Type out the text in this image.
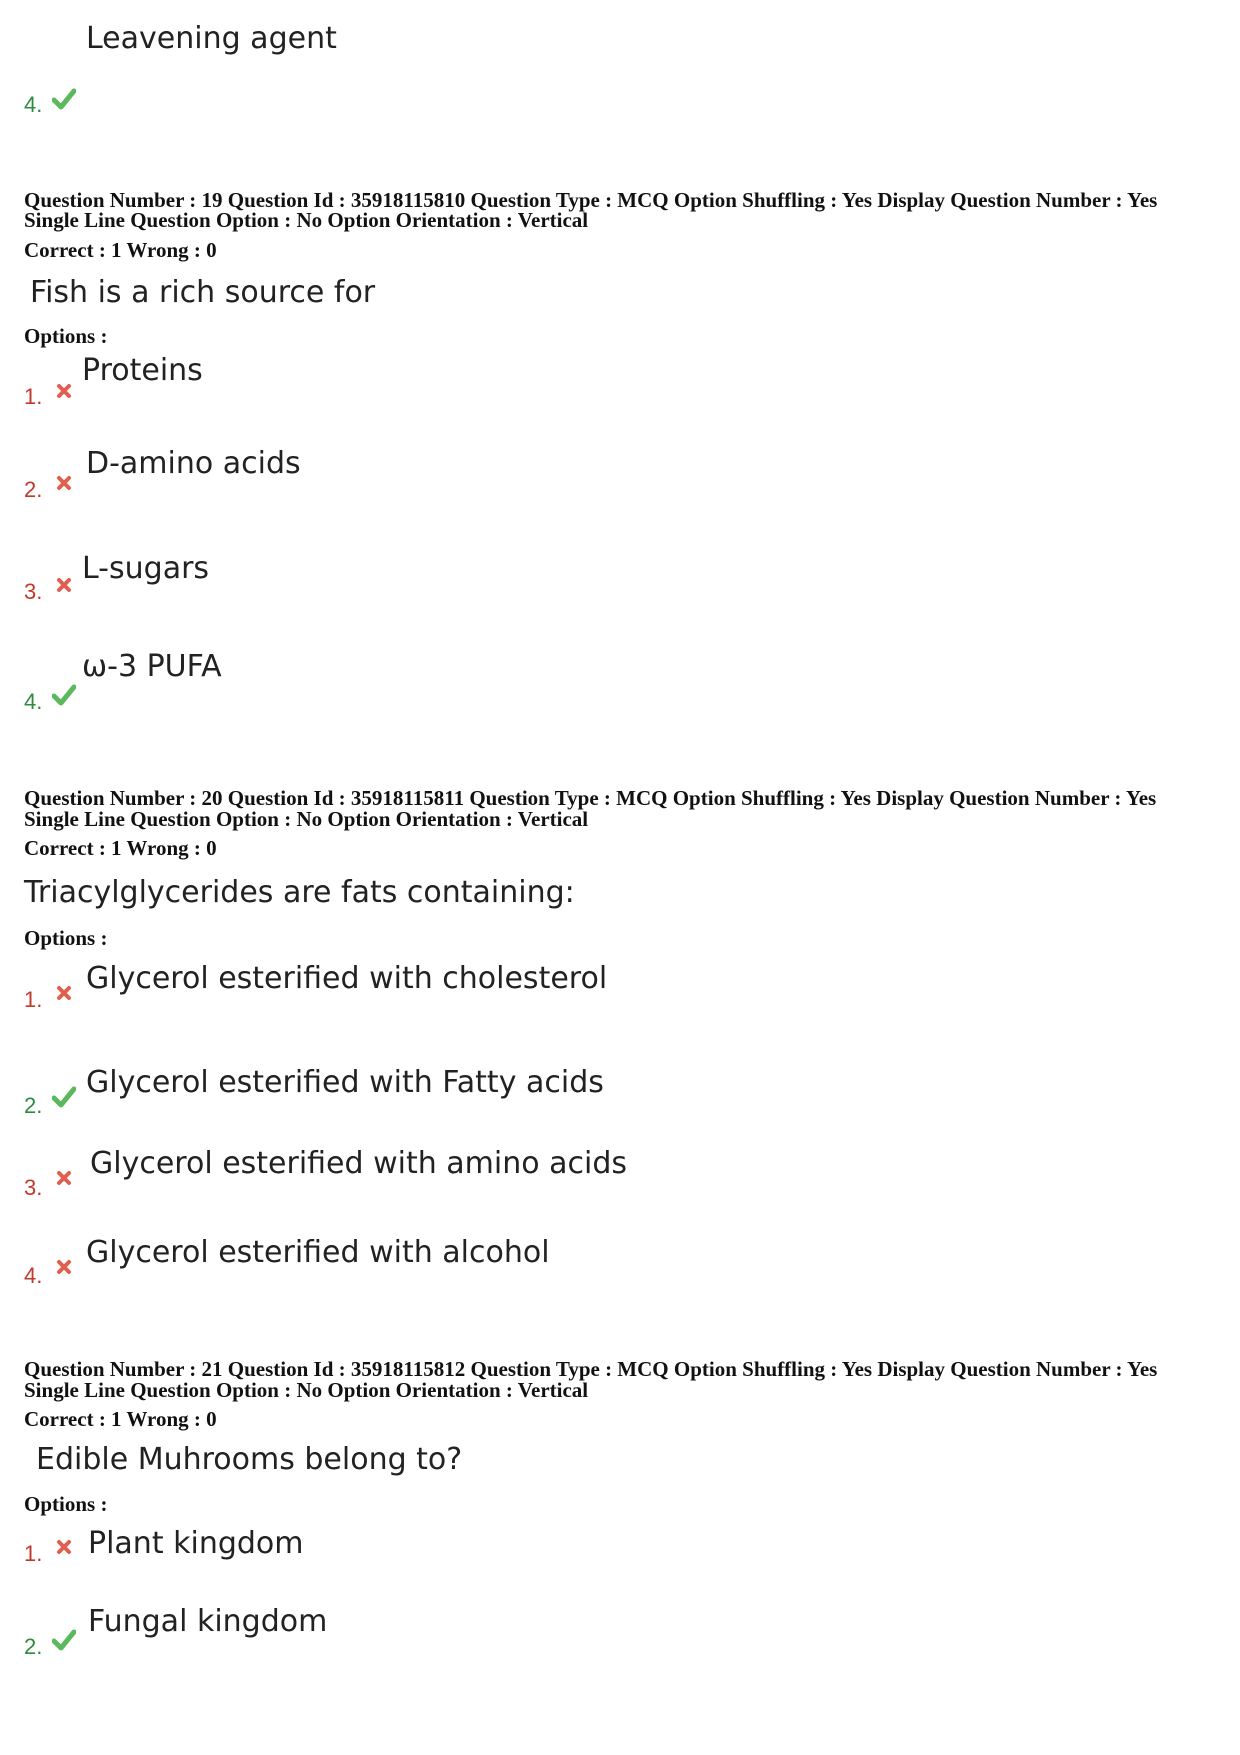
Leavening agent
4.
Question Number : 19 Question Id : 35918115810 Question Type : MCQ Option Shuffling : Yes Display Question Number : Yes
Single Line Question Option : No Option Orientation : Vertical
Correct : 1 Wrong : 0
Fish is a rich source for
Options :
Proteins
1.
D-amino acids
2.
L-sugars
3.
ω-3 PUFA
4.
Question Number : 20 Question Id : 35918115811 Question Type : MCQ Option Shuffling : Yes Display Question Number : Yes
Single Line Question Option : No Option Orientation : Vertical
Correct : 1 Wrong : 0
Triacylglycerides are fats containing:
Options :
Glycerol esterified with cholesterol
1.
Glycerol esterified with Fatty acids
2.
Glycerol esterified with amino acids
3.
Glycerol esterified with alcohol
4.
Question Number : 21 Question Id : 35918115812 Question Type : MCQ Option Shuffling : Yes Display Question Number : Yes
Single Line Question Option : No Option Orientation : Vertical
Correct : 1 Wrong : 0
Edible Muhrooms belong to?
Options :
Plant kingdom
1.
Fungal kingdom
2.
